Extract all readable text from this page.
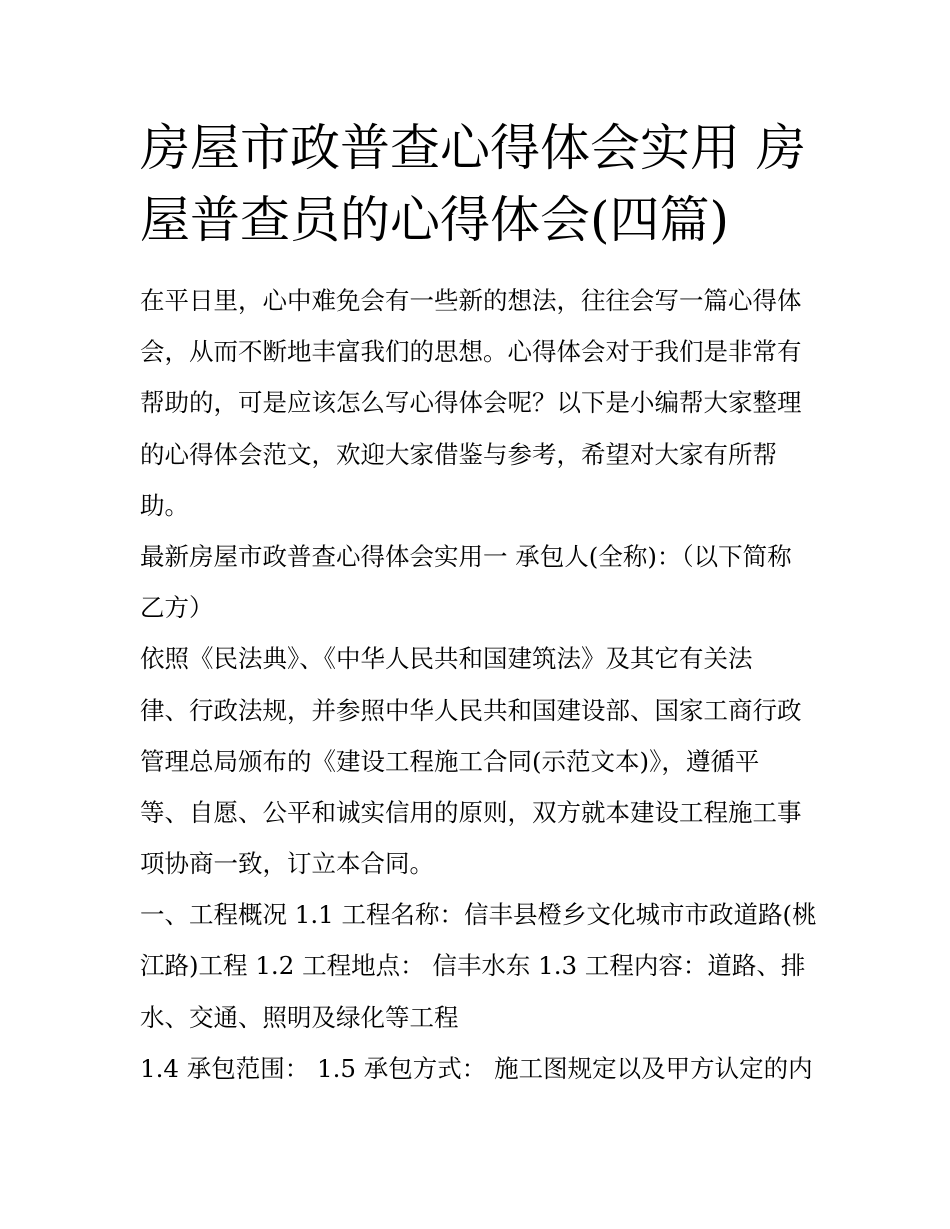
房屋市政普查心得体会实用 房
屋普查员的心得体会(四篇)
在平日里，心中难免会有一些新的想法，往往会写一篇心得体
会，从而不断地丰富我们的思想。心得体会对于我们是非常有
帮助的，可是应该怎么写心得体会呢？以下是小编帮大家整理
的心得体会范文，欢迎大家借鉴与参考，希望对大家有所帮
助。
最新房屋市政普查心得体会实用一 承包人(全称)：（以下简称
乙方）
依照《民法典》、《中华人民共和国建筑法》及其它有关法
律、行政法规，并参照中华人民共和国建设部、国家工商行政
管理总局颁布的《建设工程施工合同(示范文本)》，遵循平
等、自愿、公平和诚实信用的原则，双方就本建设工程施工事
项协商一致，订立本合同。
一、工程概况 1.1 工程名称：信丰县橙乡文化城市市政道路(桃
江路)工程 1.2 工程地点： 信丰水东 1.3 工程内容：道路、排
水、交通、照明及绿化等工程
1.4 承包范围： 1.5 承包方式： 施工图规定以及甲方认定的内
